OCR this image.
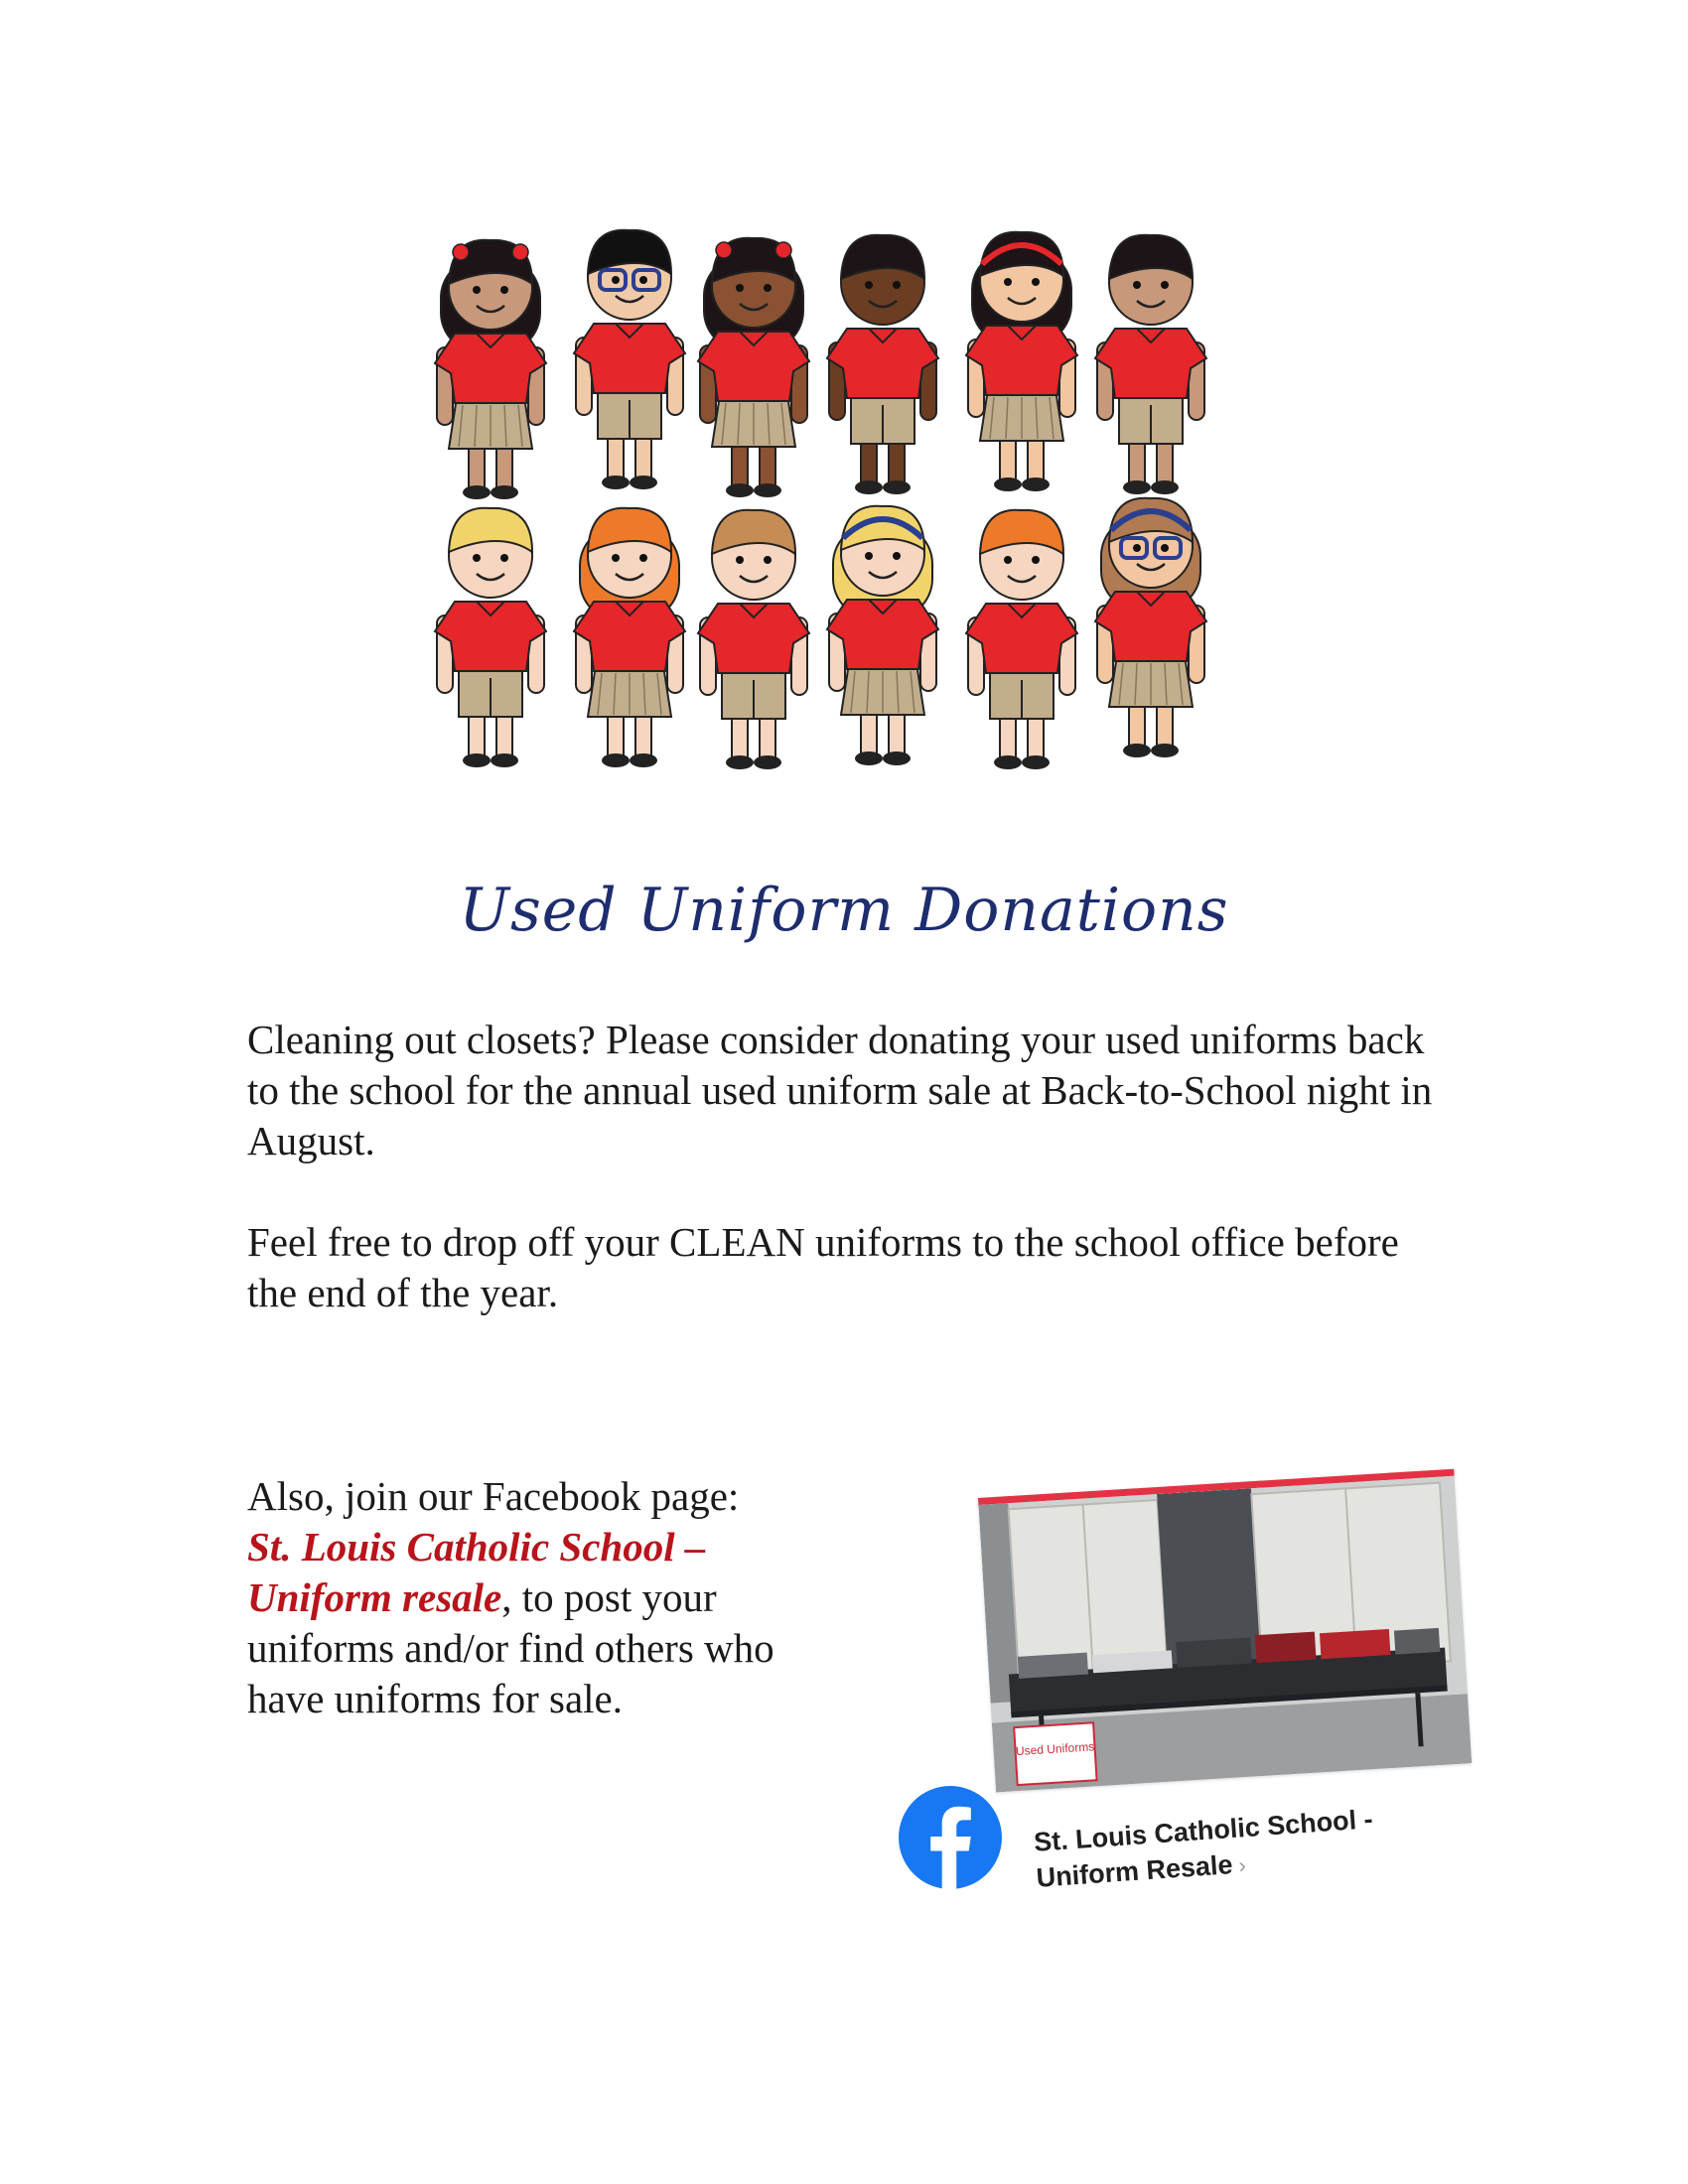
Used Uniform Donations

Cleaning out closets? Please consider donating your used uniforms back to the school for the annual used uniform sale at Back-to-School night in August.

Feel free to drop off your CLEAN uniforms to the school office before the end of the year.

Also, join our Facebook page:
St. Louis Catholic School – Uniform resale, to post your uniforms and/or find others who have uniforms for sale.

Used Uniforms
St. Louis Catholic School -
Uniform Resale ›
